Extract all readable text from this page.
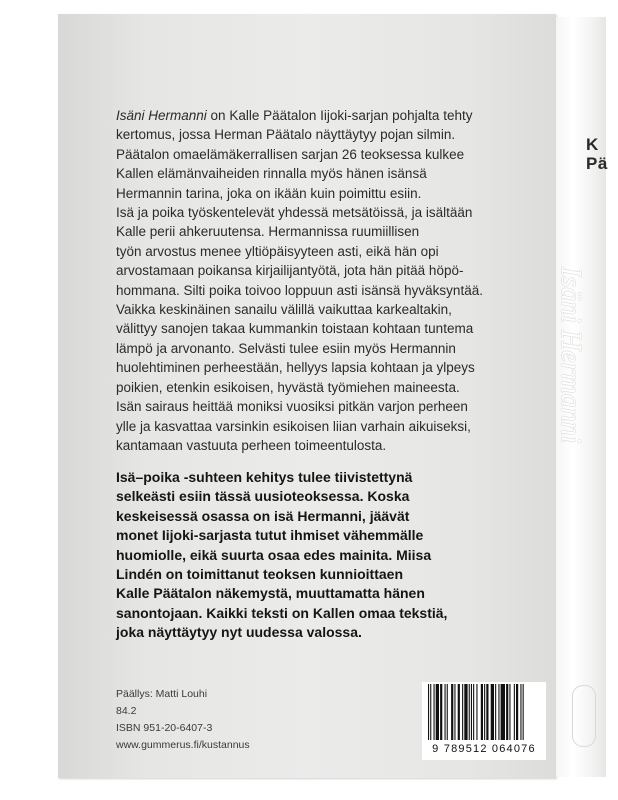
Isäni Hermanni on Kalle Päätalon Iijoki-sarjan pohjalta tehty
kertomus, jossa Herman Päätalo näyttäytyy pojan silmin.
Päätalon omaelämäkerrallisen sarjan 26 teoksessa kulkee
Kallen elämänvaiheiden rinnalla myös hänen isänsä
Hermannin tarina, joka on ikään kuin poimittu esiin.
Isä ja poika työskentelevät yhdessä metsätöissä, ja isältään
Kalle perii ahkeruutensa. Hermannissa ruumiillisen
työn arvostus menee yltiöpäisyyteen asti, eikä hän opi
arvostamaan poikansa kirjailijantyötä, jota hän pitää höpö-
hommana. Silti poika toivoo loppuun asti isänsä hyväksyntää.
Vaikka keskinäinen sanailu välillä vaikuttaa karkealtakin,
välittyy sanojen takaa kummankin toistaan kohtaan tuntema
lämpö ja arvonanto. Selvästi tulee esiin myös Hermannin
huolehtiminen perheestään, hellyys lapsia kohtaan ja ylpeys
poikien, etenkin esikoisen, hyvästä työmiehen maineesta.
Isän sairaus heittää moniksi vuosiksi pitkän varjon perheen
ylle ja kasvattaa varsinkin esikoisen liian varhain aikuiseksi,
kantamaan vastuuta perheen toimeentulosta.

Isä–poika -suhteen kehitys tulee tiivistettynä
selkeästi esiin tässä uusioteoksessa. Koska
keskeisessä osassa on isä Hermanni, jäävät
monet Iijoki-sarjasta tutut ihmiset vähemmälle
huomiolle, eikä suurta osaa edes mainita. Miisa
Lindén on toimittanut teoksen kunnioittaen
Kalle Päätalon näkemystä, muuttamatta hänen
sanontojaan. Kaikki teksti on Kallen omaa tekstiä,
joka näyttäytyy nyt uudessa valossa.
Päällys: Matti Louhi
84.2
ISBN 951-20-6407-3
www.gummerus.fi/kustannus	9 789512 064076
K
Pä
Isäni Hermanni
